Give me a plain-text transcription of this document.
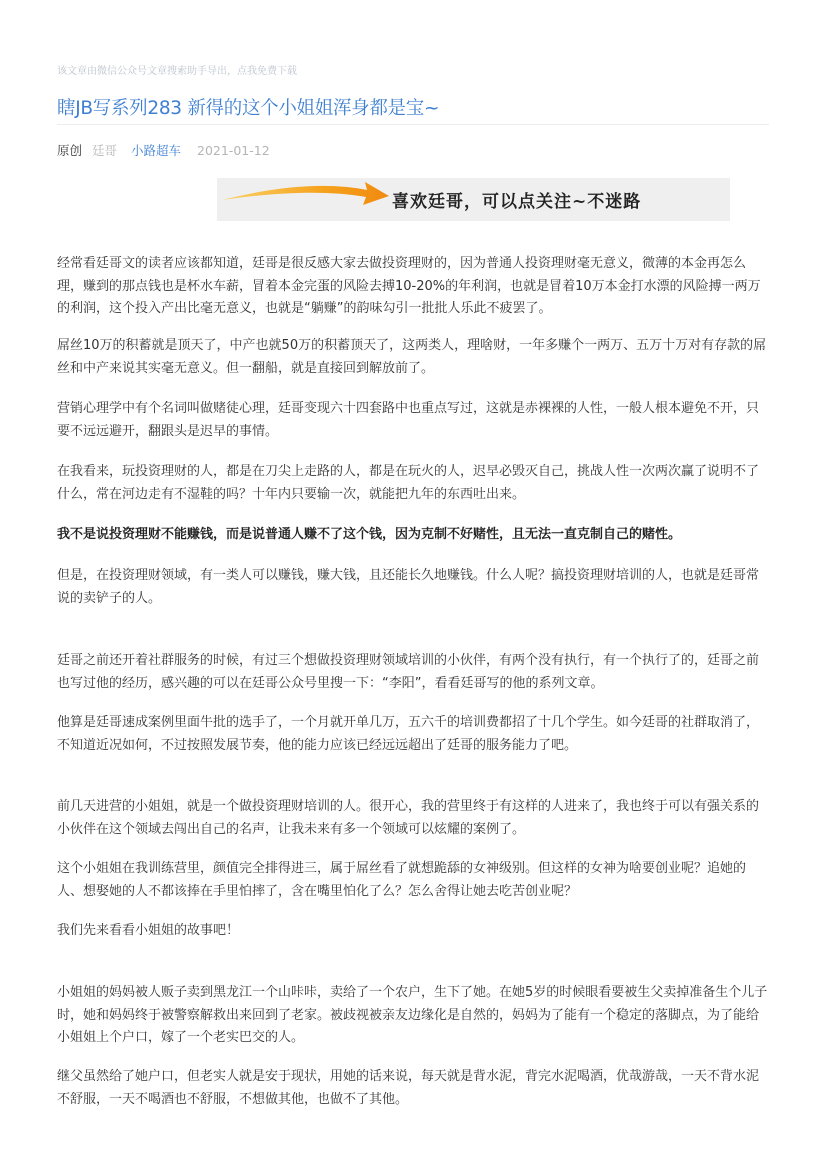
该文章由微信公众号文章搜索助手导出，点我免费下载
瞎JB写系列283 新得的这个小姐姐浑身都是宝~
原创 廷哥 小路超车 2021-01-12
喜欢廷哥，可以点关注~不迷路

经常看廷哥文的读者应该都知道，廷哥是很反感大家去做投资理财的，因为普通人投资理财毫无意义，微薄的本金再怎么理，赚到的那点钱也是杯水车薪，冒着本金完蛋的风险去搏10-20%的年利润，也就是冒着10万本金打水漂的风险搏一两万的利润，这个投入产出比毫无意义，也就是“躺赚”的韵味勾引一批批人乐此不疲罢了。

屌丝10万的积蓄就是顶天了，中产也就50万的积蓄顶天了，这两类人，理啥财，一年多赚个一两万、五万十万对有存款的屌丝和中产来说其实毫无意义。但一翻船，就是直接回到解放前了。

营销心理学中有个名词叫做赌徒心理，廷哥变现六十四套路中也重点写过，这就是赤裸裸的人性，一般人根本避免不开，只要不远远避开，翻跟头是迟早的事情。

在我看来，玩投资理财的人，都是在刀尖上走路的人，都是在玩火的人，迟早必毁灭自己，挑战人性一次两次赢了说明不了什么，常在河边走有不湿鞋的吗？十年内只要输一次，就能把九年的东西吐出来。

我不是说投资理财不能赚钱，而是说普通人赚不了这个钱，因为克制不好赌性，且无法一直克制自己的赌性。

但是，在投资理财领域，有一类人可以赚钱，赚大钱，且还能长久地赚钱。什么人呢？搞投资理财培训的人，也就是廷哥常说的卖铲子的人。

廷哥之前还开着社群服务的时候，有过三个想做投资理财领域培训的小伙伴，有两个没有执行，有一个执行了的，廷哥之前也写过他的经历，感兴趣的可以在廷哥公众号里搜一下：“李阳”，看看廷哥写的他的系列文章。

他算是廷哥速成案例里面牛批的选手了，一个月就开单几万，五六千的培训费都招了十几个学生。如今廷哥的社群取消了，不知道近况如何，不过按照发展节奏，他的能力应该已经远远超出了廷哥的服务能力了吧。

前几天进营的小姐姐，就是一个做投资理财培训的人。很开心，我的营里终于有这样的人进来了，我也终于可以有强关系的小伙伴在这个领域去闯出自己的名声，让我未来有多一个领域可以炫耀的案例了。

这个小姐姐在我训练营里，颜值完全排得进三，属于屌丝看了就想跪舔的女神级别。但这样的女神为啥要创业呢？追她的人、想娶她的人不都该捧在手里怕摔了，含在嘴里怕化了么？怎么舍得让她去吃苦创业呢？

我们先来看看小姐姐的故事吧！

小姐姐的妈妈被人贩子卖到黑龙江一个山咔咔，卖给了一个农户，生下了她。在她5岁的时候眼看要被生父卖掉准备生个儿子时，她和妈妈终于被警察解救出来回到了老家。被歧视被亲友边缘化是自然的，妈妈为了能有一个稳定的落脚点，为了能给小姐姐上个户口，嫁了一个老实巴交的人。

继父虽然给了她户口，但老实人就是安于现状，用她的话来说，每天就是背水泥，背完水泥喝酒，优哉游哉，一天不背水泥不舒服，一天不喝酒也不舒服，不想做其他，也做不了其他。
